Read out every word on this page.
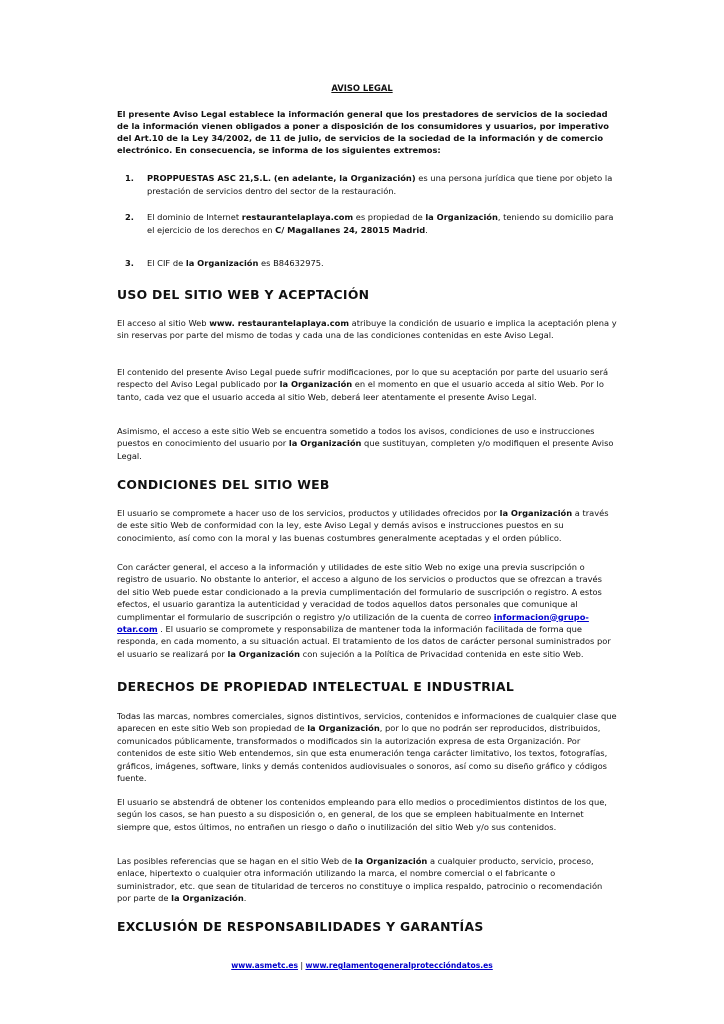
AVISO LEGAL

El presente Aviso Legal establece la información general que los prestadores de servicios de la sociedad de la información vienen obligados a poner a disposición de los consumidores y usuarios, por imperativo del Art.10 de la Ley 34/2002, de 11 de julio, de servicios de la sociedad de la información y de comercio electrónico. En consecuencia, se informa de los siguientes extremos:

1. PROPPUESTAS ASC 21,S.L. (en adelante, la Organización) es una persona jurídica que tiene por objeto la prestación de servicios dentro del sector de la restauración.
2. El dominio de Internet restaurantelaplaya.com es propiedad de la Organización, teniendo su domicilio para el ejercicio de los derechos en C/ Magallanes 24, 28015 Madrid.
3. El CIF de la Organización es B84632975.
USO DEL SITIO WEB Y ACEPTACIÓN

El acceso al sitio Web www. restaurantelaplaya.com atribuye la condición de usuario e implica la aceptación plena y sin reservas por parte del mismo de todas y cada una de las condiciones contenidas en este Aviso Legal.

El contenido del presente Aviso Legal puede sufrir modificaciones, por lo que su aceptación por parte del usuario será respecto del Aviso Legal publicado por la Organización en el momento en que el usuario acceda al sitio Web. Por lo tanto, cada vez que el usuario acceda al sitio Web, deberá leer atentamente el presente Aviso Legal.

Asimismo, el acceso a este sitio Web se encuentra sometido a todos los avisos, condiciones de uso e instrucciones puestos en conocimiento del usuario por la Organización que sustituyan, completen y/o modifiquen el presente Aviso Legal.

CONDICIONES DEL SITIO WEB

El usuario se compromete a hacer uso de los servicios, productos y utilidades ofrecidos por la Organización a través de este sitio Web de conformidad con la ley, este Aviso Legal y demás avisos e instrucciones puestos en su conocimiento, así como con la moral y las buenas costumbres generalmente aceptadas y el orden público.

Con carácter general, el acceso a la información y utilidades de este sitio Web no exige una previa suscripción o registro de usuario. No obstante lo anterior, el acceso a alguno de los servicios o productos que se ofrezcan a través del sitio Web puede estar condicionado a la previa cumplimentación del formulario de suscripción o registro. A estos efectos, el usuario garantiza la autenticidad y veracidad de todos aquellos datos personales que comunique al cumplimentar el formulario de suscripción o registro y/o utilización de la cuenta de correo informacion@grupo-otar.com . El usuario se compromete y responsabiliza de mantener toda la información facilitada de forma que responda, en cada momento, a su situación actual. El tratamiento de los datos de carácter personal suministrados por el usuario se realizará por la Organización con sujeción a la Política de Privacidad contenida en este sitio Web.

DERECHOS DE PROPIEDAD INTELECTUAL E INDUSTRIAL

Todas las marcas, nombres comerciales, signos distintivos, servicios, contenidos e informaciones de cualquier clase que aparecen en este sitio Web son propiedad de la Organización, por lo que no podrán ser reproducidos, distribuidos, comunicados públicamente, transformados o modificados sin la autorización expresa de esta Organización. Por contenidos de este sitio Web entendemos, sin que esta enumeración tenga carácter limitativo, los textos, fotografías, gráficos, imágenes, software, links y demás contenidos audiovisuales o sonoros, así como su diseño gráfico y códigos fuente.

El usuario se abstendrá de obtener los contenidos empleando para ello medios o procedimientos distintos de los que, según los casos, se han puesto a su disposición o, en general, de los que se empleen habitualmente en Internet siempre que, estos últimos, no entrañen un riesgo o daño o inutilización del sitio Web y/o sus contenidos.

Las posibles referencias que se hagan en el sitio Web de la Organización a cualquier producto, servicio, proceso, enlace, hipertexto o cualquier otra información utilizando la marca, el nombre comercial o el fabricante o suministrador, etc. que sean de titularidad de terceros no constituye o implica respaldo, patrocinio o recomendación por parte de la Organización.

EXCLUSIÓN DE RESPONSABILIDADES Y GARANTÍAS
www.asmetc.es | www.reglamentogeneralproteccióndatos.es
